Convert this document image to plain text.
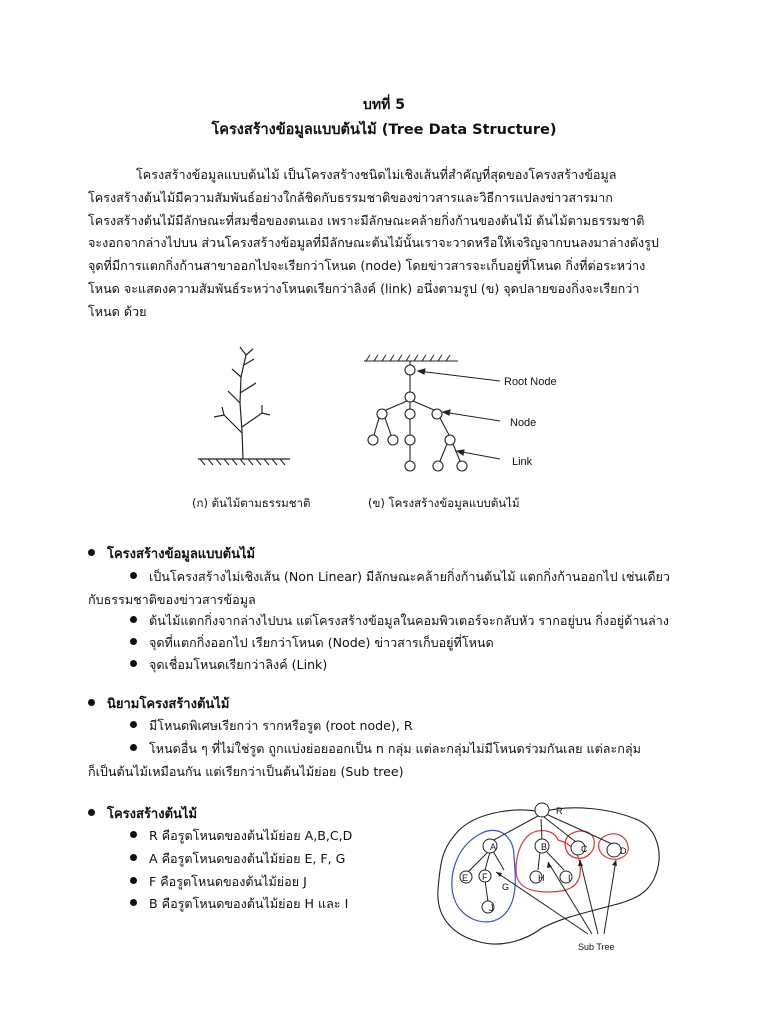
บทที่ 5
โครงสร้างข้อมูลแบบต้นไม้ (Tree Data Structure)
โครงสร้างข้อมูลแบบต้นไม้ เป็นโครงสร้างชนิดไม่เชิงเส้นที่สำคัญที่สุดของโครงสร้างข้อมูล
โครงสร้างต้นไม้มีความสัมพันธ์อย่างใกล้ชิดกับธรรมชาติของข่าวสารและวิธีการแปลงข่าวสารมาก
โครงสร้างต้นไม้มีลักษณะที่สมชื่อของตนเอง เพราะมีลักษณะคล้ายกิ่งก้านของต้นไม้ ต้นไม้ตามธรรมชาติ
จะงอกจากล่างไปบน ส่วนโครงสร้างข้อมูลที่มีลักษณะต้นไม้นั้นเราจะวาดหรือให้เจริญจากบนลงมาล่างดังรูป
จุดที่มีการแตกกิ่งก้านสาขาออกไปจะเรียกว่าโหนด (node) โดยข่าวสารจะเก็บอยู่ที่โหนด กิ่งที่ต่อระหว่าง
โหนด จะแสดงความสัมพันธ์ระหว่างโหนดเรียกว่าลิงค์ (link) อนึ่งตามรูป (ข) จุดปลายของกิ่งจะเรียกว่า
โหนด ด้วย
Root Node
Node
Link
(ก) ต้นไม้ตามธรรมชาติ	(ข) โครงสร้างข้อมูลแบบต้นไม้
โครงสร้างข้อมูลแบบต้นไม้
เป็นโครงสร้างไม่เชิงเส้น (Non Linear) มีลักษณะคล้ายกิ่งก้านต้นไม้ แตกกิ่งก้านออกไป เช่นเดียว
กับธรรมชาติของข่าวสารข้อมูล
ต้นไม้แตกกิ่งจากล่างไปบน แต่โครงสร้างข้อมูลในคอมพิวเตอร์จะกลับหัว รากอยู่บน กิ่งอยู่ด้านล่าง
จุดที่แตกกิ่งออกไป เรียกว่าโหนด (Node) ข่าวสารเก็บอยู่ที่โหนด
จุดเชื่อมโหนดเรียกว่าลิงค์ (Link)
นิยามโครงสร้างต้นไม้
มีโหนดพิเศษเรียกว่า รากหรือรูต (root node), R
โหนดอื่น ๆ ที่ไม่ใช่รูต ถูกแบ่งย่อยออกเป็น n กลุ่ม แต่ละกลุ่มไม่มีโหนดร่วมกันเลย แต่ละกลุ่ม
ก็เป็นต้นไม้เหมือนกัน แต่เรียกว่าเป็นต้นไม้ย่อย (Sub tree)
โครงสร้างต้นไม้
R คือรูตโหนดของต้นไม้ย่อย A,B,C,D
A คือรูตโหนดของต้นไม้ย่อย E, F, G
F คือรูตโหนดของต้นไม้ย่อย J
B คือรูตโหนดของต้นไม้ย่อย H และ I
R
A	B	C	D
E F
G
H	I
J
Sub Tree
